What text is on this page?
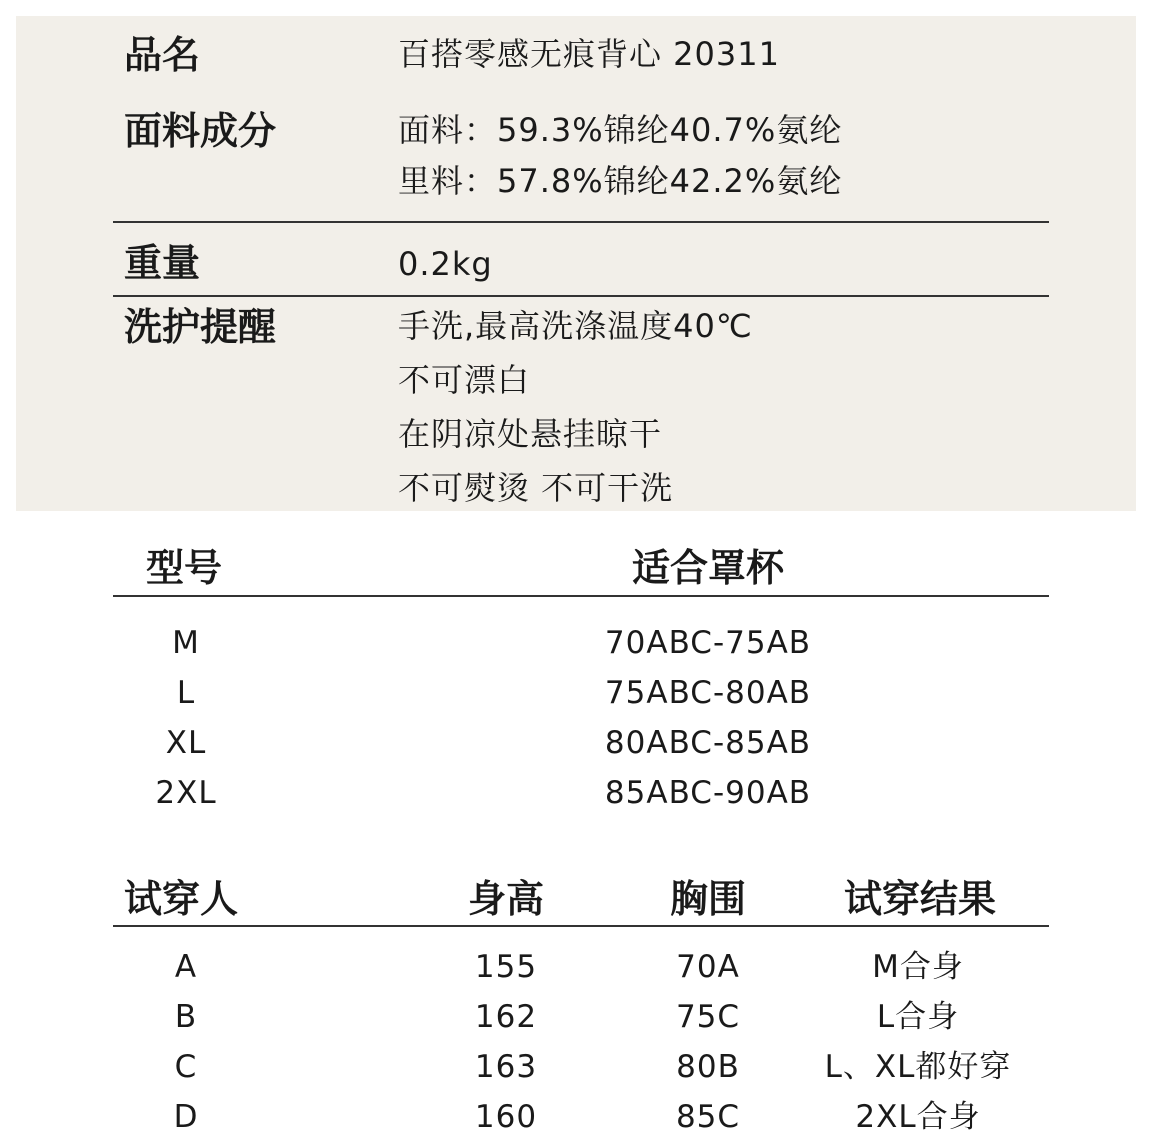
品名	百搭零感无痕背心 20311
面料成分	面料：59.3%锦纶40.7%氨纶
里料：57.8%锦纶42.2%氨纶
重量	0.2kg
洗护提醒	手洗,最高洗涤温度40℃
不可漂白
在阴凉处悬挂晾干
不可熨烫 不可干洗
型号	适合罩杯
M	70ABC-75AB
L	75ABC-80AB
XL	80ABC-85AB
2XL	85ABC-90AB
试穿人	身高	胸围	试穿结果
A	155	70A	M合身
B	162	75C	L合身
C	163	80B	L、XL都好穿
D	160	85C	2XL合身
